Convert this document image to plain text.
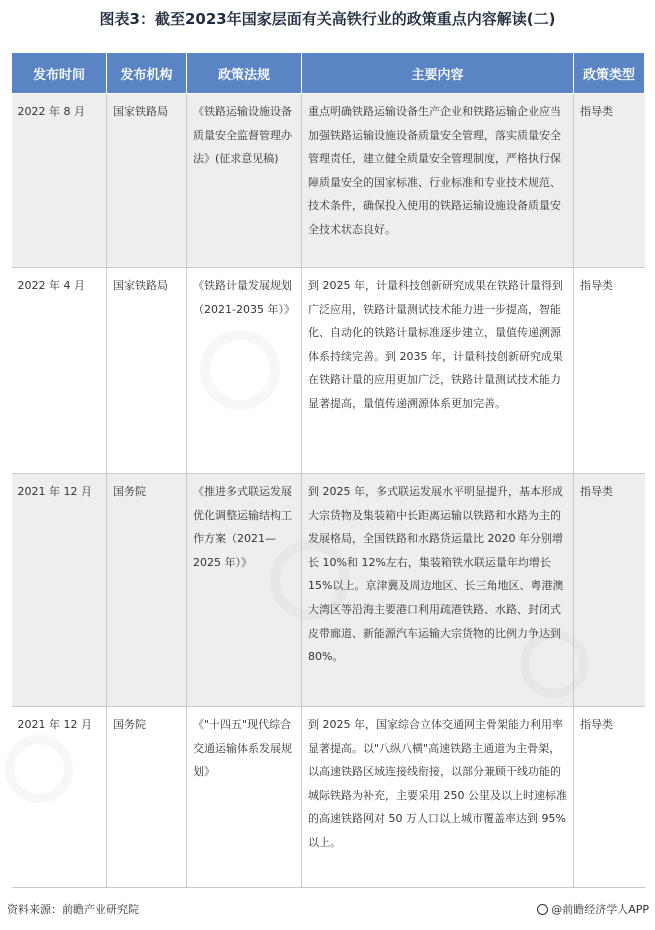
图表3：截至2023年国家层面有关高铁行业的政策重点内容解读(二)
发布时间	发布机构	政策法规	主要内容	政策类型
2022 年 8 月	国家铁路局	《铁路运输设施设备质量安全监督管理办法》(征求意见稿)	重点明确铁路运输设备生产企业和铁路运输企业应当加强铁路运输设施设备质量安全管理，落实质量安全管理责任，建立健全质量安全管理制度，严格执行保障质量安全的国家标准、行业标准和专业技术规范、技术条件，确保投入使用的铁路运输设施设备质量安全技术状态良好。	指导类
2022 年 4 月	国家铁路局	《铁路计量发展规划（2021-2035 年）》	到 2025 年，计量科技创新研究成果在铁路计量得到广泛应用，铁路计量测试技术能力进一步提高，智能化、自动化的铁路计量标准逐步建立，量值传递溯源体系持续完善。到 2035 年，计量科技创新研究成果在铁路计量的应用更加广泛，铁路计量测试技术能力显著提高，量值传递溯源体系更加完善。	指导类
2021 年 12 月	国务院	《推进多式联运发展优化调整运输结构工作方案（2021—2025 年）》	到 2025 年，多式联运发展水平明显提升，基本形成大宗货物及集装箱中长距离运输以铁路和水路为主的发展格局，全国铁路和水路货运量比 2020 年分别增长 10%和 12%左右，集装箱铁水联运量年均增长 15%以上。京津冀及周边地区、长三角地区、粤港澳大湾区等沿海主要港口利用疏港铁路、水路、封闭式皮带廊道、新能源汽车运输大宗货物的比例力争达到 80%。	指导类
2021 年 12 月	国务院	《"十四五"现代综合交通运输体系发展规划》	到 2025 年，国家综合立体交通网主骨架能力利用率显著提高。以"八纵八横"高速铁路主通道为主骨架，以高速铁路区域连接线衔接，以部分兼顾干线功能的城际铁路为补充，主要采用 250 公里及以上时速标准的高速铁路网对 50 万人口以上城市覆盖率达到 95%以上。	指导类
资料来源：前瞻产业研究院	@前瞻经济学人APP
